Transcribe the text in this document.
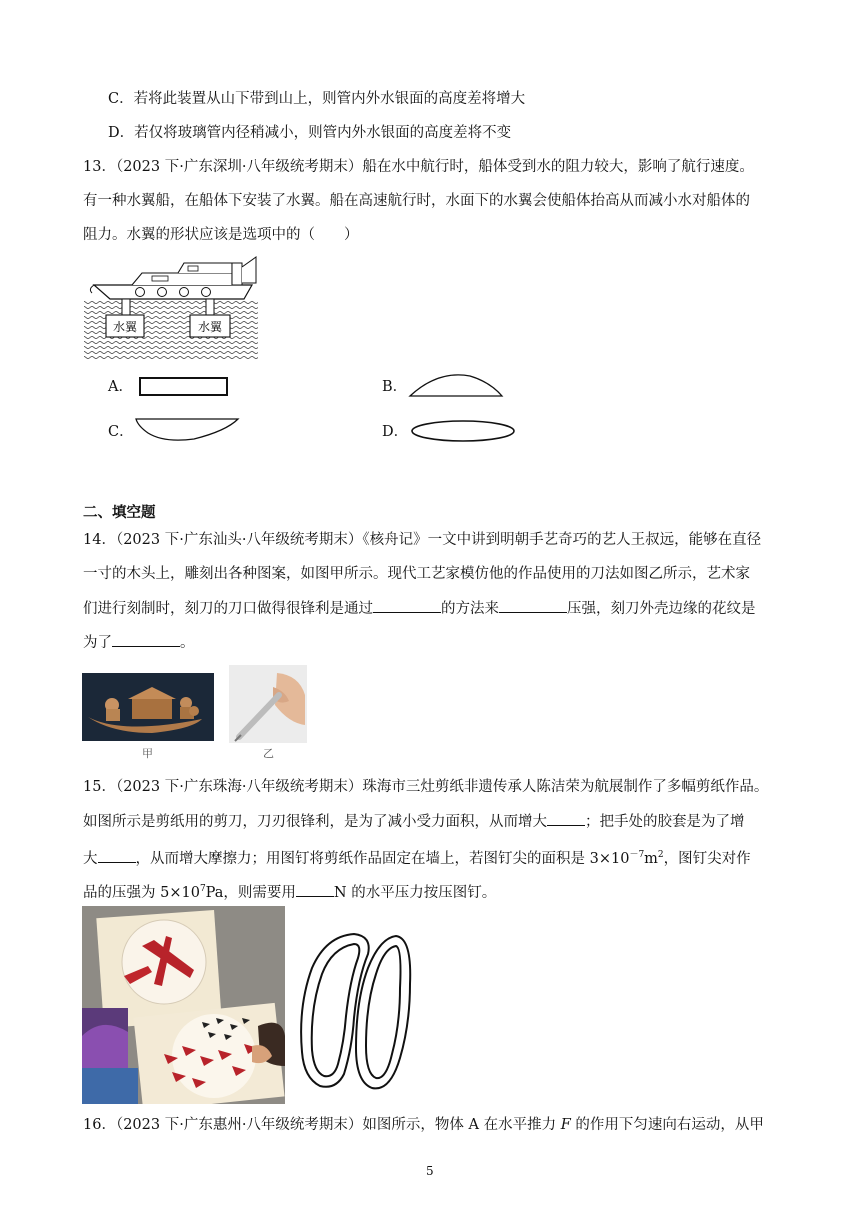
C．若将此装置从山下带到山上，则管内外水银面的高度差将增大
D．若仅将玻璃管内径稍减小，则管内外水银面的高度差将不变
13．（2023 下·广东深圳·八年级统考期末）船在水中航行时，船体受到水的阻力较大，影响了航行速度。
有一种水翼船，在船体下安装了水翼。船在高速航行时，水面下的水翼会使船体抬高从而减小水对船体的
阻力。水翼的形状应该是选项中的（　　）
水翼	水翼
A．	B．
C．	D．
二、填空题
14．（2023 下·广东汕头·八年级统考期末）《核舟记》一文中讲到明朝手艺奇巧的艺人王叔远，能够在直径
一寸的木头上，雕刻出各种图案，如图甲所示。现代工艺家模仿他的作品使用的刀法如图乙所示，艺术家
们进行刻制时，刻刀的刀口做得很锋利是通过	的方法来	压强，刻刀外壳边缘的花纹是
为了	。
甲	乙
15．（2023 下·广东珠海·八年级统考期末）珠海市三灶剪纸非遗传承人陈洁荣为航展制作了多幅剪纸作品。
如图所示是剪纸用的剪刀，刀刃很锋利，是为了减小受力面积，从而增大	；把手处的胶套是为了增
大	，从而增大摩擦力；用图钉将剪纸作品固定在墙上，若图钉尖的面积是 $3\times 10^{-7}m^2$，图钉尖对作
品的压强为 $5\times 10^7Pa$，则需要用	N 的水平压力按压图钉。
16．（2023 下·广东惠州·八年级统考期末）如图所示，物体 A 在水平推力 F 的作用下匀速向右运动，从甲
5
